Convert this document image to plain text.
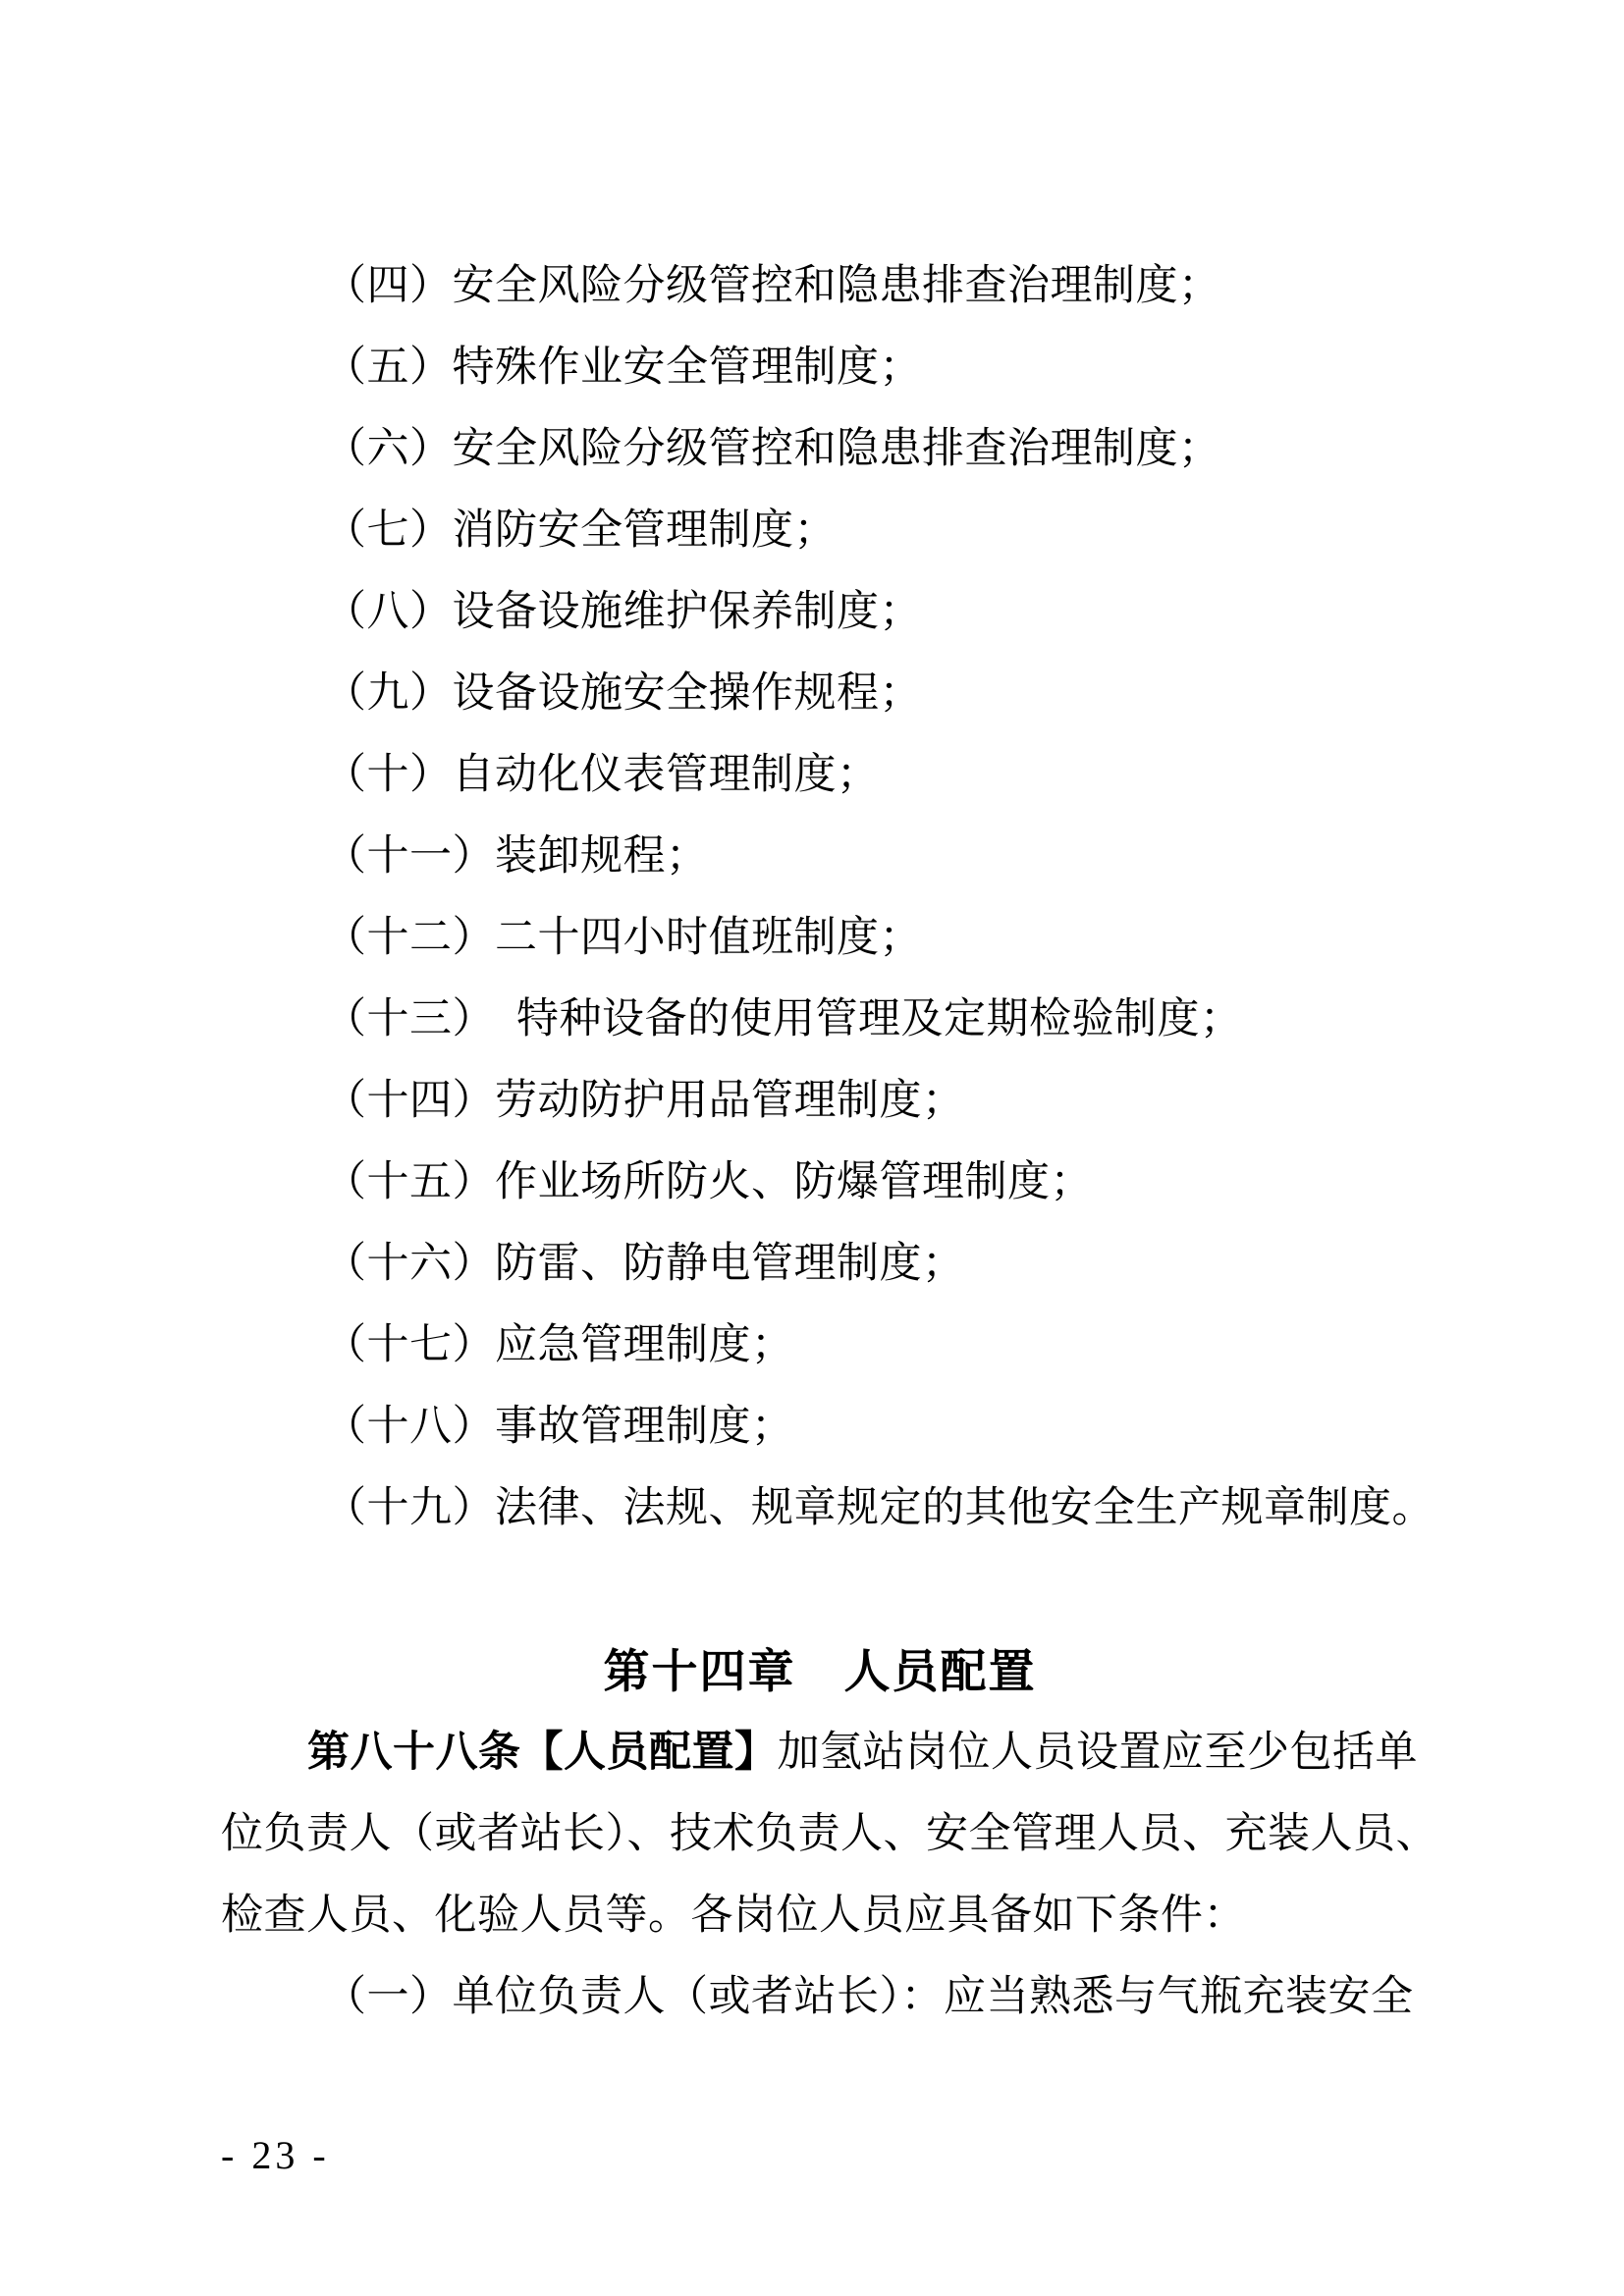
（四）安全风险分级管控和隐患排查治理制度；

（五）特殊作业安全管理制度；

（六）安全风险分级管控和隐患排查治理制度；

（七）消防安全管理制度；

（八）设备设施维护保养制度；

（九）设备设施安全操作规程；

（十）自动化仪表管理制度；

（十一）装卸规程；

（十二）二十四小时值班制度；

（十三）　特种设备的使用管理及定期检验制度；

（十四）劳动防护用品管理制度；

（十五）作业场所防火、防爆管理制度；

（十六）防雷、防静电管理制度；

（十七）应急管理制度；

（十八）事故管理制度；

（十九）法律、法规、规章规定的其他安全生产规章制度。

第十四章　人员配置

第八十八条【人员配置】加氢站岗位人员设置应至少包括单

位负责人（或者站长）、技术负责人、安全管理人员、充装人员、

检查人员、化验人员等。各岗位人员应具备如下条件：

（一）单位负责人（或者站长）：应当熟悉与气瓶充装安全

- 23 -
